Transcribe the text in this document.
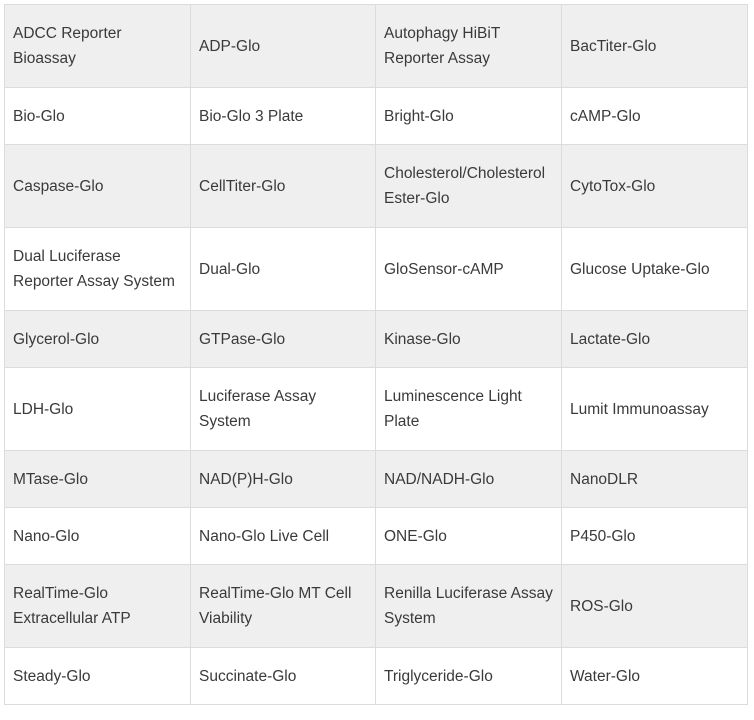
ADCC Reporter Bioassay	ADP-Glo	Autophagy HiBiT Reporter Assay	BacTiter-Glo
Bio-Glo	Bio-Glo 3 Plate	Bright-Glo	cAMP-Glo
Caspase-Glo	CellTiter-Glo	Cholesterol/Cholesterol Ester-Glo	CytoTox-Glo
Dual Luciferase Reporter Assay System	Dual-Glo	GloSensor-cAMP	Glucose Uptake-Glo
Glycerol-Glo	GTPase-Glo	Kinase-Glo	Lactate-Glo
LDH-Glo	Luciferase Assay System	Luminescence Light Plate	Lumit Immunoassay
MTase-Glo	NAD(P)H-Glo	NAD/NADH-Glo	NanoDLR
Nano-Glo	Nano-Glo Live Cell	ONE-Glo	P450-Glo
RealTime-Glo Extracellular ATP	RealTime-Glo MT Cell Viability	Renilla Luciferase Assay System	ROS-Glo
Steady-Glo	Succinate-Glo	Triglyceride-Glo	Water-Glo
